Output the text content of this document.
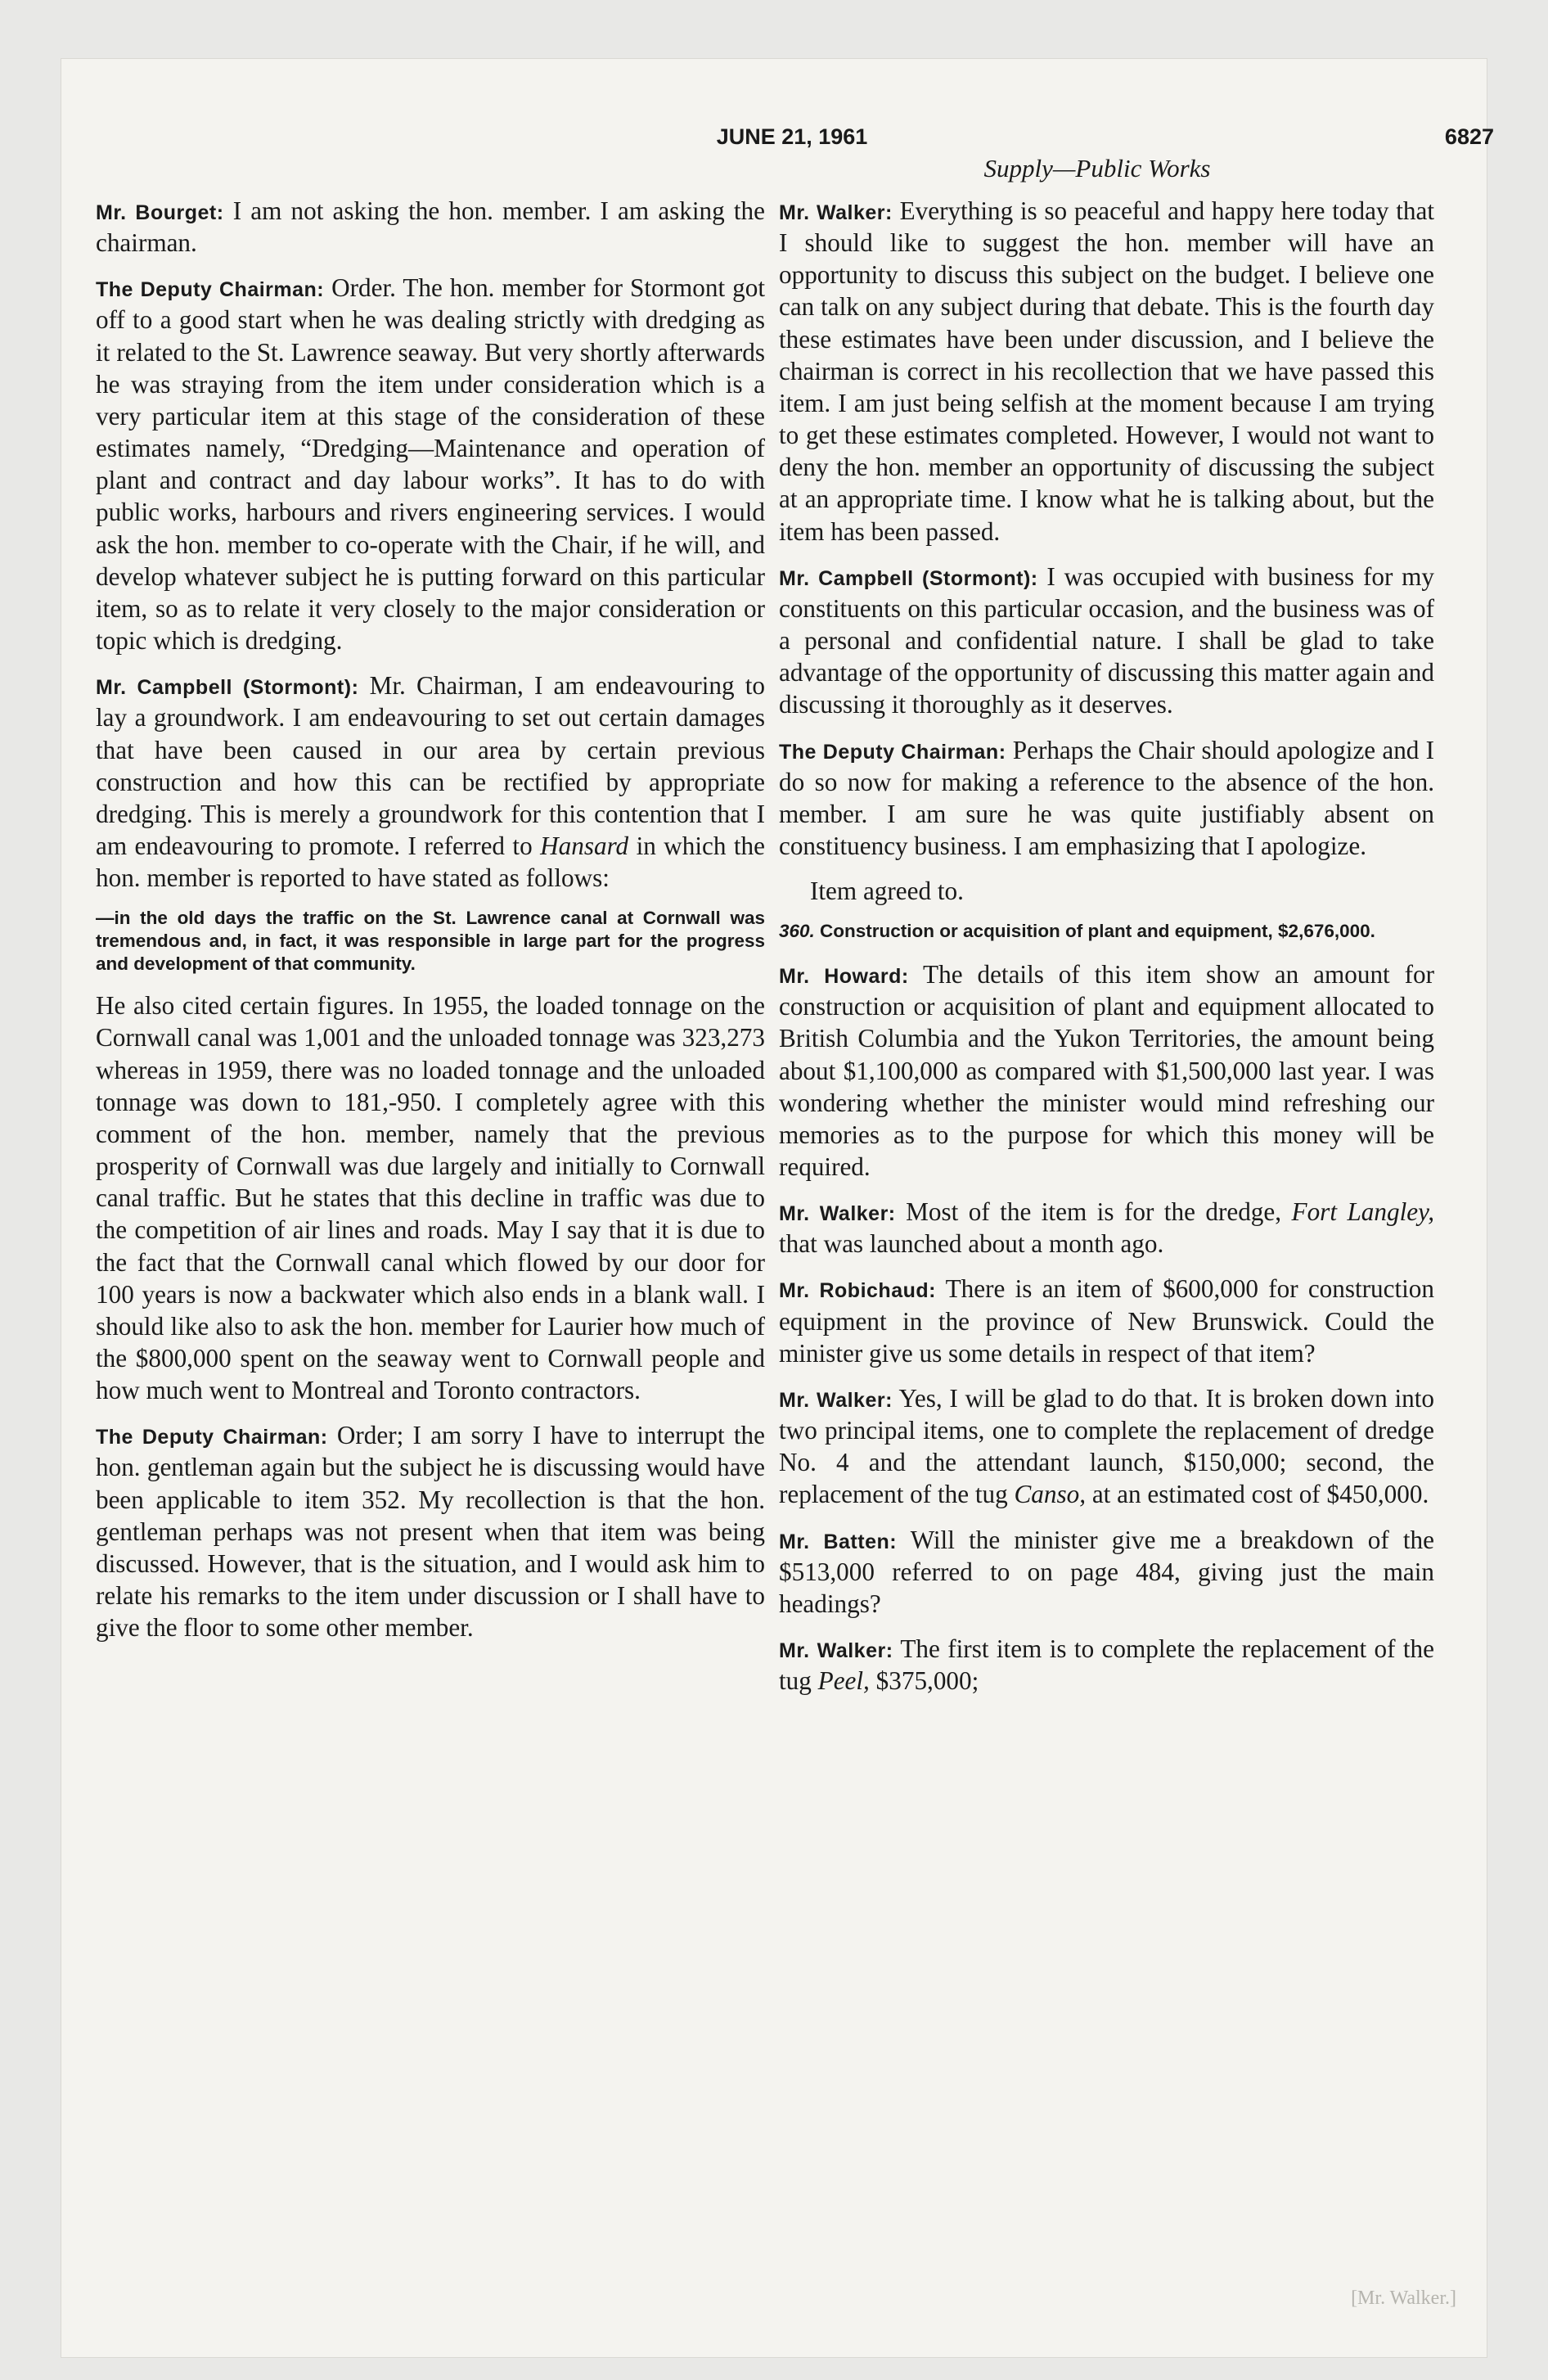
JUNE 21, 1961	6827
Supply—Public Works

Mr. Bourget: I am not asking the hon. member. I am asking the chairman.

The Deputy Chairman: Order. The hon. member for Stormont got off to a good start when he was dealing strictly with dredging as it related to the St. Lawrence seaway. But very shortly afterwards he was straying from the item under consideration which is a very particular item at this stage of the consideration of these estimates namely, “Dredging—Maintenance and operation of plant and contract and day labour works”. It has to do with public works, harbours and rivers engineering services. I would ask the hon. member to co-operate with the Chair, if he will, and develop whatever subject he is putting forward on this particular item, so as to relate it very closely to the major consideration or topic which is dredging.

Mr. Campbell (Stormont): Mr. Chairman, I am endeavouring to lay a groundwork. I am endeavouring to set out certain damages that have been caused in our area by certain previous construction and how this can be rectified by appropriate dredging. This is merely a groundwork for this contention that I am endeavouring to promote. I referred to Hansard in which the hon. member is reported to have stated as follows:

—in the old days the traffic on the St. Lawrence canal at Cornwall was tremendous and, in fact, it was responsible in large part for the progress and development of that community.

He also cited certain figures. In 1955, the loaded tonnage on the Cornwall canal was 1,001 and the unloaded tonnage was 323,273 whereas in 1959, there was no loaded tonnage and the unloaded tonnage was down to 181,-950. I completely agree with this comment of the hon. member, namely that the previous prosperity of Cornwall was due largely and initially to Cornwall canal traffic. But he states that this decline in traffic was due to the competition of air lines and roads. May I say that it is due to the fact that the Cornwall canal which flowed by our door for 100 years is now a backwater which also ends in a blank wall. I should like also to ask the hon. member for Laurier how much of the $800,000 spent on the seaway went to Cornwall people and how much went to Montreal and Toronto contractors.

The Deputy Chairman: Order; I am sorry I have to interrupt the hon. gentleman again but the subject he is discussing would have been applicable to item 352. My recollection is that the hon. gentleman perhaps was not present when that item was being discussed. However, that is the situation, and I would ask him to relate his remarks to the item under discussion or I shall have to give the floor to some other member.

Mr. Walker: Everything is so peaceful and happy here today that I should like to suggest the hon. member will have an opportunity to discuss this subject on the budget. I believe one can talk on any subject during that debate. This is the fourth day these estimates have been under discussion, and I believe the chairman is correct in his recollection that we have passed this item. I am just being selfish at the moment because I am trying to get these estimates completed. However, I would not want to deny the hon. member an opportunity of discussing the subject at an appropriate time. I know what he is talking about, but the item has been passed.

Mr. Campbell (Stormont): I was occupied with business for my constituents on this particular occasion, and the business was of a personal and confidential nature. I shall be glad to take advantage of the opportunity of discussing this matter again and discussing it thoroughly as it deserves.

The Deputy Chairman: Perhaps the Chair should apologize and I do so now for making a reference to the absence of the hon. member. I am sure he was quite justifiably absent on constituency business. I am emphasizing that I apologize.

Item agreed to.

360. Construction or acquisition of plant and equipment, $2,676,000.

Mr. Howard: The details of this item show an amount for construction or acquisition of plant and equipment allocated to British Columbia and the Yukon Territories, the amount being about $1,100,000 as compared with $1,500,000 last year. I was wondering whether the minister would mind refreshing our memories as to the purpose for which this money will be required.

Mr. Walker: Most of the item is for the dredge, Fort Langley, that was launched about a month ago.

Mr. Robichaud: There is an item of $600,000 for construction equipment in the province of New Brunswick. Could the minister give us some details in respect of that item?

Mr. Walker: Yes, I will be glad to do that. It is broken down into two principal items, one to complete the replacement of dredge No. 4 and the attendant launch, $150,000; second, the replacement of the tug Canso, at an estimated cost of $450,000.

Mr. Batten: Will the minister give me a breakdown of the $513,000 referred to on page 484, giving just the main headings?

Mr. Walker: The first item is to complete the replacement of the tug Peel, $375,000;

[Mr. Walker.]
